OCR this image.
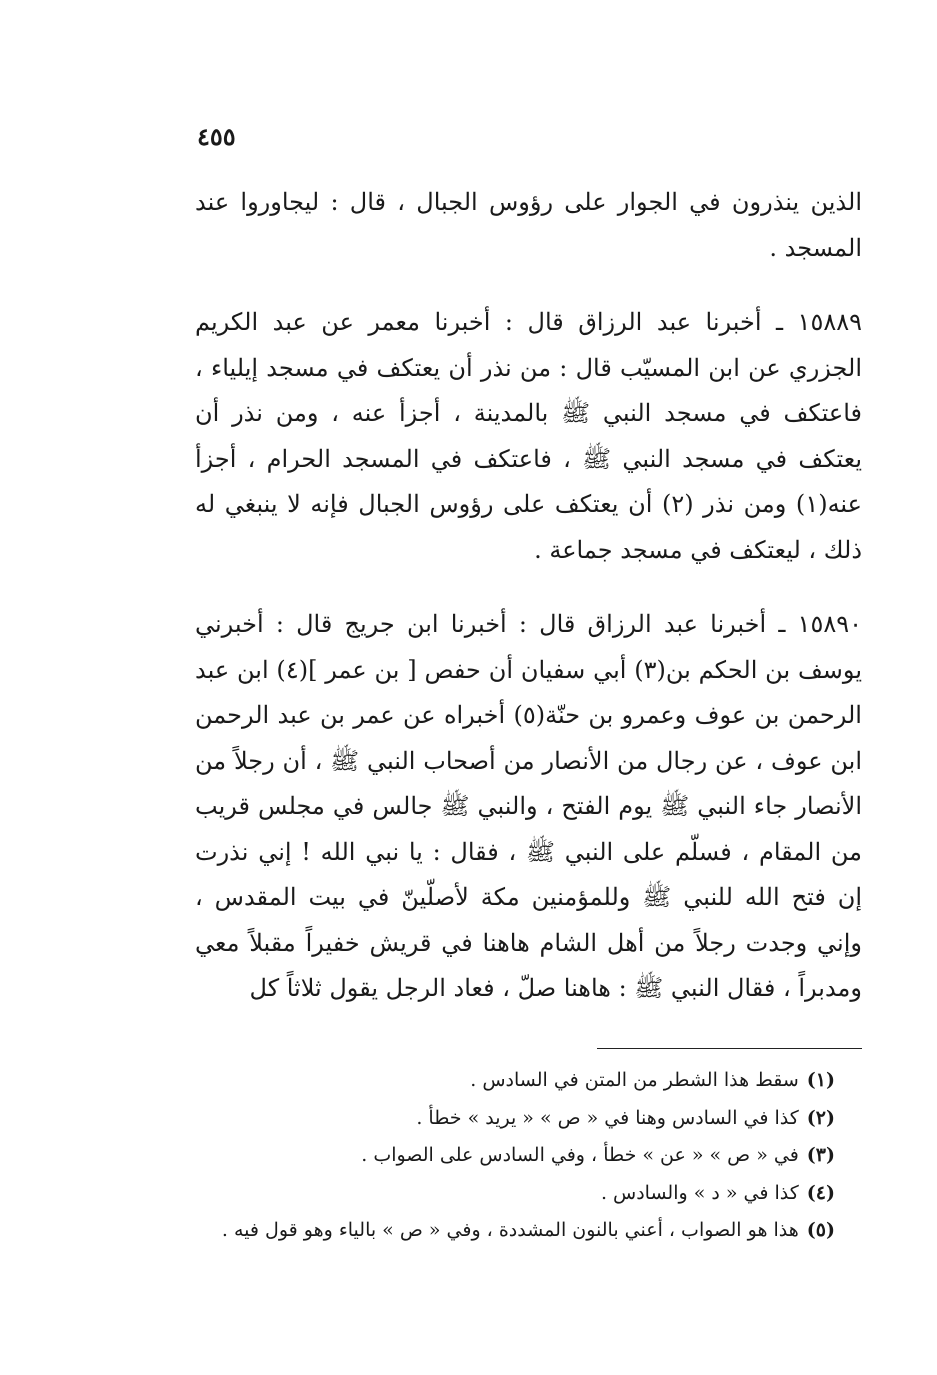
٤٥٥

الذين ينذرون في الجوار على رؤوس الجبال ، قال : ليجاوروا عند المسجد .

١٥٨٨٩ ـ أخبرنا عبد الرزاق قال : أخبرنا معمر عن عبد الكريم الجزري عن ابن المسيّب قال : من نذر أن يعتكف في مسجد إيلياء ، فاعتكف في مسجد النبي ﷺ بالمدينة ، أجزأ عنه ، ومن نذر أن يعتكف في مسجد النبي ﷺ ، فاعتكف في المسجد الحرام ، أجزأ عنه(١) ومن نذر (٢) أن يعتكف على رؤوس الجبال فإنه لا ينبغي له ذلك ، ليعتكف في مسجد جماعة .

١٥٨٩٠ ـ أخبرنا عبد الرزاق قال : أخبرنا ابن جريج قال : أخبرني يوسف بن الحكم بن(٣) أبي سفيان أن حفص [ بن عمر ](٤) ابن عبد الرحمن بن عوف وعمرو بن حنّة(٥) أخبراه عن عمر بن عبد الرحمن ابن عوف ، عن رجال من الأنصار من أصحاب النبي ﷺ ، أن رجلاً من الأنصار جاء النبي ﷺ يوم الفتح ، والنبي ﷺ جالس في مجلس قريب من المقام ، فسلّم على النبي ﷺ ، فقال : يا نبي الله ! إني نذرت إن فتح الله للنبي ﷺ وللمؤمنين مكة لأصلّينّ في بيت المقدس ، وإني وجدت رجلاً من أهل الشام هاهنا في قريش خفيراً مقبلاً معي ومدبراً ، فقال النبي ﷺ : هاهنا صلّ ، فعاد الرجل يقول ثلاثاً كل

(١)سقط هذا الشطر من المتن في السادس .
(٢)كذا في السادس وهنا في « ص » « يريد » خطأ .
(٣)في « ص » « عن » خطأ ، وفي السادس على الصواب .
(٤)كذا في « د » والسادس .
(٥)هذا هو الصواب ، أعني بالنون المشددة ، وفي « ص » بالياء وهو قول فيه .
